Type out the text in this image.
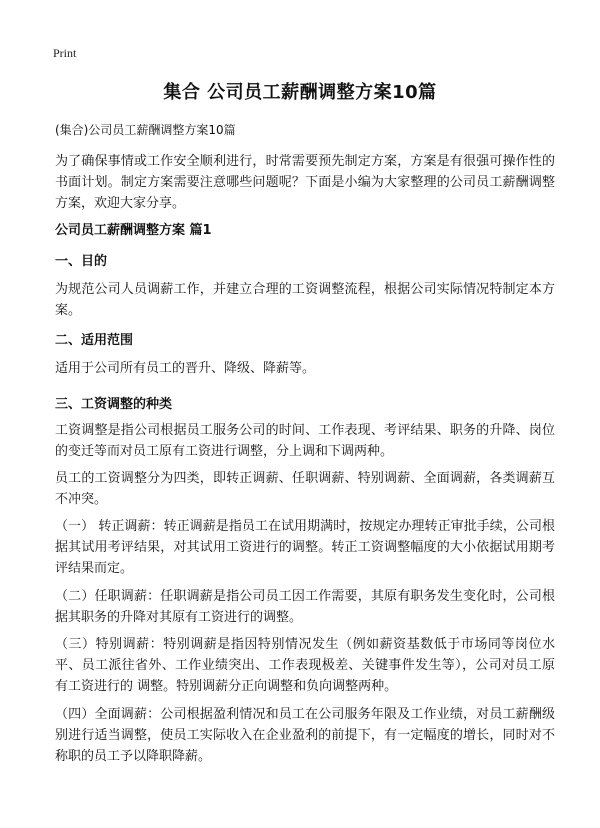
Print
集合 公司员工薪酬调整方案10篇
(集合)公司员工薪酬调整方案10篇
为了确保事情或工作安全顺利进行，时常需要预先制定方案，方案是有很强可操作性的书面计划。制定方案需要注意哪些问题呢？下面是小编为大家整理的公司员工薪酬调整方案，欢迎大家分享。
公司员工薪酬调整方案 篇1
一、目的
为规范公司人员调薪工作，并建立合理的工资调整流程，根据公司实际情况特制定本方案。
二、适用范围
适用于公司所有员工的晋升、降级、降薪等。
三、工资调整的种类
工资调整是指公司根据员工服务公司的时间、工作表现、考评结果、职务的升降、岗位的变迁等而对员工原有工资进行调整，分上调和下调两种。
员工的工资调整分为四类，即转正调薪、任职调薪、特别调薪、全面调薪，各类调薪互不冲突。
（一） 转正调薪：转正调薪是指员工在试用期满时，按规定办理转正审批手续，公司根据其试用考评结果，对其试用工资进行的调整。转正工资调整幅度的大小依据试用期考评结果而定。
（二）任职调薪：任职调薪是指公司员工因工作需要，其原有职务发生变化时，公司根据其职务的升降对其原有工资进行的调整。
（三）特别调薪：特别调薪是指因特别情况发生（例如薪资基数低于市场同等岗位水平、员工派往省外、工作业绩突出、工作表现极差、关键事件发生等），公司对员工原有工资进行的 调整。特别调薪分正向调整和负向调整两种。
（四）全面调薪：公司根据盈利情况和员工在公司服务年限及工作业绩，对员工薪酬级别进行适当调整，使员工实际收入在企业盈利的前提下，有一定幅度的增长，同时对不称职的员工予以降职降薪。
